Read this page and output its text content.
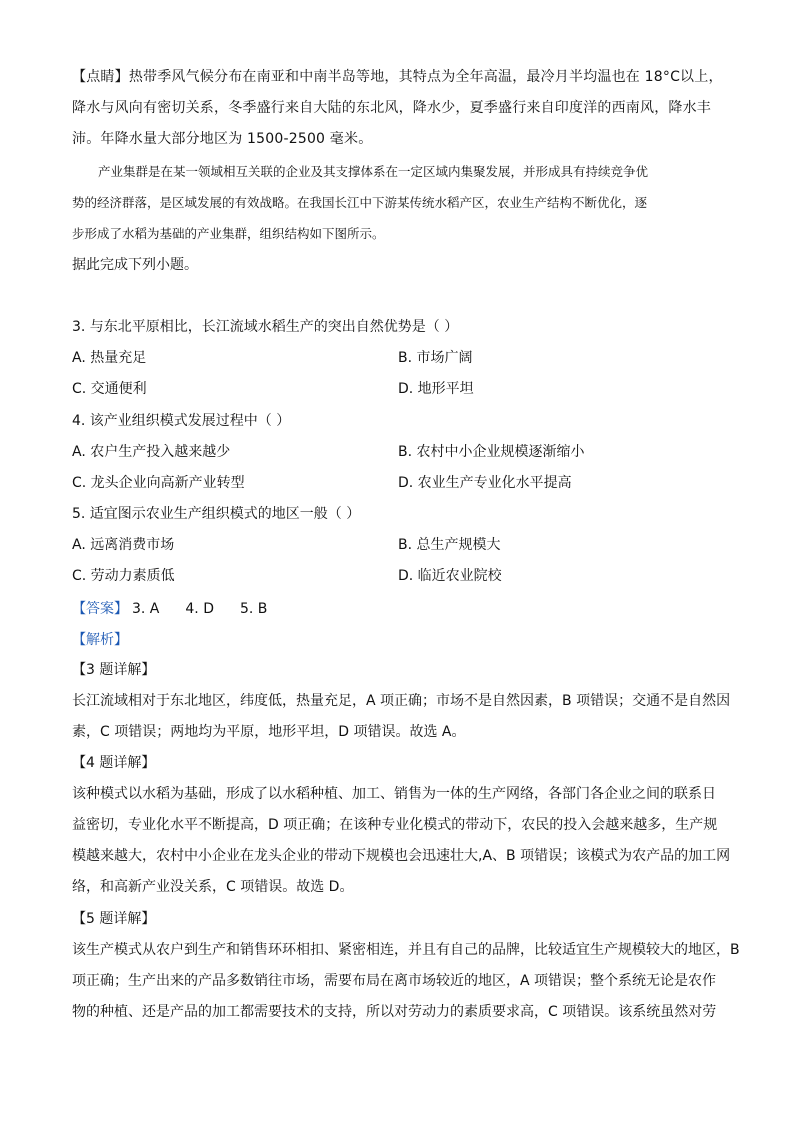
【点睛】热带季风气候分布在南亚和中南半岛等地，其特点为全年高温，最冷月半均温也在 18°C以上，

降水与风向有密切关系，冬季盛行来自大陆的东北风，降水少，夏季盛行来自印度洋的西南风，降水丰

沛。年降水量大部分地区为 1500-2500 毫米。

产业集群是在某一领域相互关联的企业及其支撑体系在一定区域内集聚发展，并形成具有持续竞争优

势的经济群落，是区域发展的有效战略。在我国长江中下游某传统水稻产区，农业生产结构不断优化，逐

步形成了水稻为基础的产业集群，组织结构如下图所示。

据此完成下列小题。
3. 与东北平原相比，长江流域水稻生产的突出自然优势是（ ）
A. 热量充足	B. 市场广阔
C. 交通便利	D. 地形平坦
4. 该产业组织模式发展过程中（ ）
A. 农户生产投入越来越少	B. 农村中小企业规模逐渐缩小
C. 龙头企业向高新产业转型	D. 农业生产专业化水平提高
5. 适宜图示农业生产组织模式的地区一般（ ）
A. 远离消费市场	B. 总生产规模大
C. 劳动力素质低	D. 临近农业院校
【答案】 3. A 4. D 5. B
【解析】

【3 题详解】

长江流域相对于东北地区，纬度低，热量充足，A 项正确；市场不是自然因素，B 项错误；交通不是自然因

素，C 项错误；两地均为平原，地形平坦，D 项错误。故选 A。

【4 题详解】

该种模式以水稻为基础，形成了以水稻种植、加工、销售为一体的生产网络，各部门各企业之间的联系日

益密切，专业化水平不断提高，D 项正确；在该种专业化模式的带动下，农民的投入会越来越多，生产规

模越来越大，农村中小企业在龙头企业的带动下规模也会迅速壮大,A、B 项错误；该模式为农产品的加工网

络，和高新产业没关系，C 项错误。故选 D。

【5 题详解】

该生产模式从农户到生产和销售环环相扣、紧密相连，并且有自己的品牌，比较适宜生产规模较大的地区，B

项正确；生产出来的产品多数销往市场，需要布局在离市场较近的地区，A 项错误；整个系统无论是农作

物的种植、还是产品的加工都需要技术的支持，所以对劳动力的素质要求高，C 项错误。该系统虽然对劳
